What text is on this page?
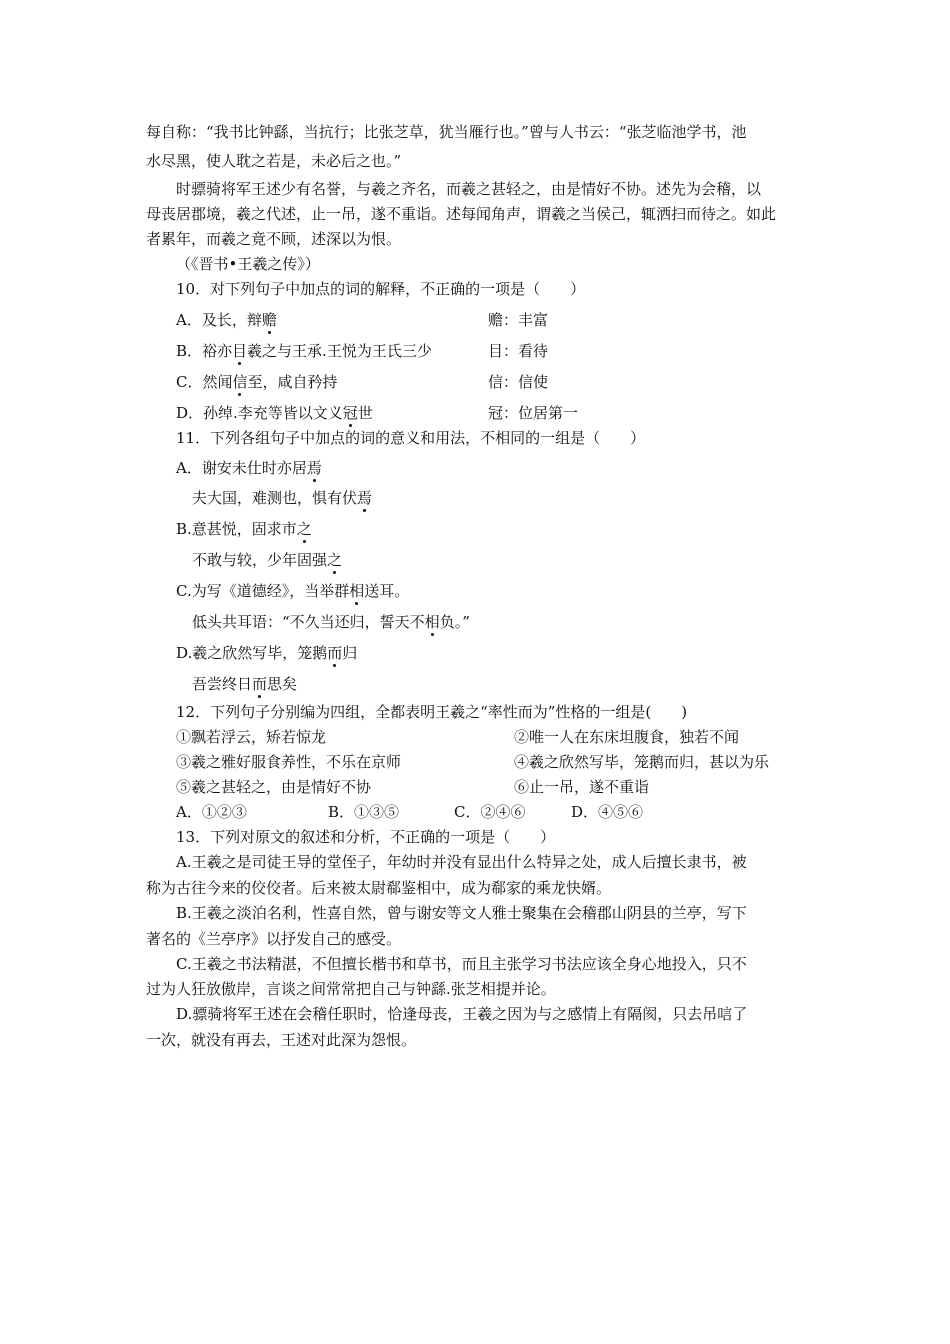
每自称：“我书比钟繇，当抗行；比张芝草，犹当雁行也。”曾与人书云：“张芝临池学书，池
水尽黑，使人耽之若是，未必后之也。”
时骠骑将军王述少有名誉，与羲之齐名，而羲之甚轻之，由是情好不协。述先为会稽，以
母丧居郡境，羲之代述，止一吊，遂不重诣。述每闻角声，谓羲之当侯己，辄洒扫而待之。如此
者累年，而羲之竟不顾，述深以为恨。
（《晋书•王羲之传》）
10．对下列句子中加点的词的解释，不正确的一项是（　　）
A．及长，辩赡	赡：丰富
B．裕亦目羲之与王承.王悦为王氏三少	目：看待
C．然闻信至，咸自矜持	信：信使
D．孙绰.李充等皆以文义冠世	冠：位居第一
11．下列各组句子中加点的词的意义和用法，不相同的一组是（　　）
A．谢安未仕时亦居焉
夫大国，难测也，惧有伏焉
B.意甚悦，固求市之
不敢与较，少年固强之
C.为写《道德经》，当举群相送耳。
低头共耳语：“不久当还归，誓天不相负。”
D.羲之欣然写毕，笼鹅而归
吾尝终日而思矣
12．下列句子分别编为四组，全都表明王羲之“率性而为”性格的一组是(　　)
①飘若浮云，矫若惊龙	②唯一人在东床坦腹食，独若不闻
③羲之雅好服食养性，不乐在京师	④羲之欣然写毕，笼鹅而归，甚以为乐
⑤羲之甚轻之，由是情好不协	⑥止一吊，遂不重诣
A．①②③	B．①③⑤	C．②④⑥	D．④⑤⑥
13．下列对原文的叙述和分析，不正确的一项是（　　）
A.王羲之是司徒王导的堂侄子，年幼时并没有显出什么特异之处，成人后擅长隶书，被
称为古往今来的佼佼者。后来被太尉郗鉴相中，成为郗家的乘龙快婿。
B.王羲之淡泊名利，性喜自然，曾与谢安等文人雅士聚集在会稽郡山阴县的兰亭，写下
著名的《兰亭序》以抒发自己的感受。
C.王羲之书法精湛，不但擅长楷书和草书，而且主张学习书法应该全身心地投入，只不
过为人狂放傲岸，言谈之间常常把自己与钟繇.张芝相提并论。
D.骠骑将军王述在会稽任职时，恰逢母丧，王羲之因为与之感情上有隔阂，只去吊唁了
一次，就没有再去，王述对此深为怨恨。
